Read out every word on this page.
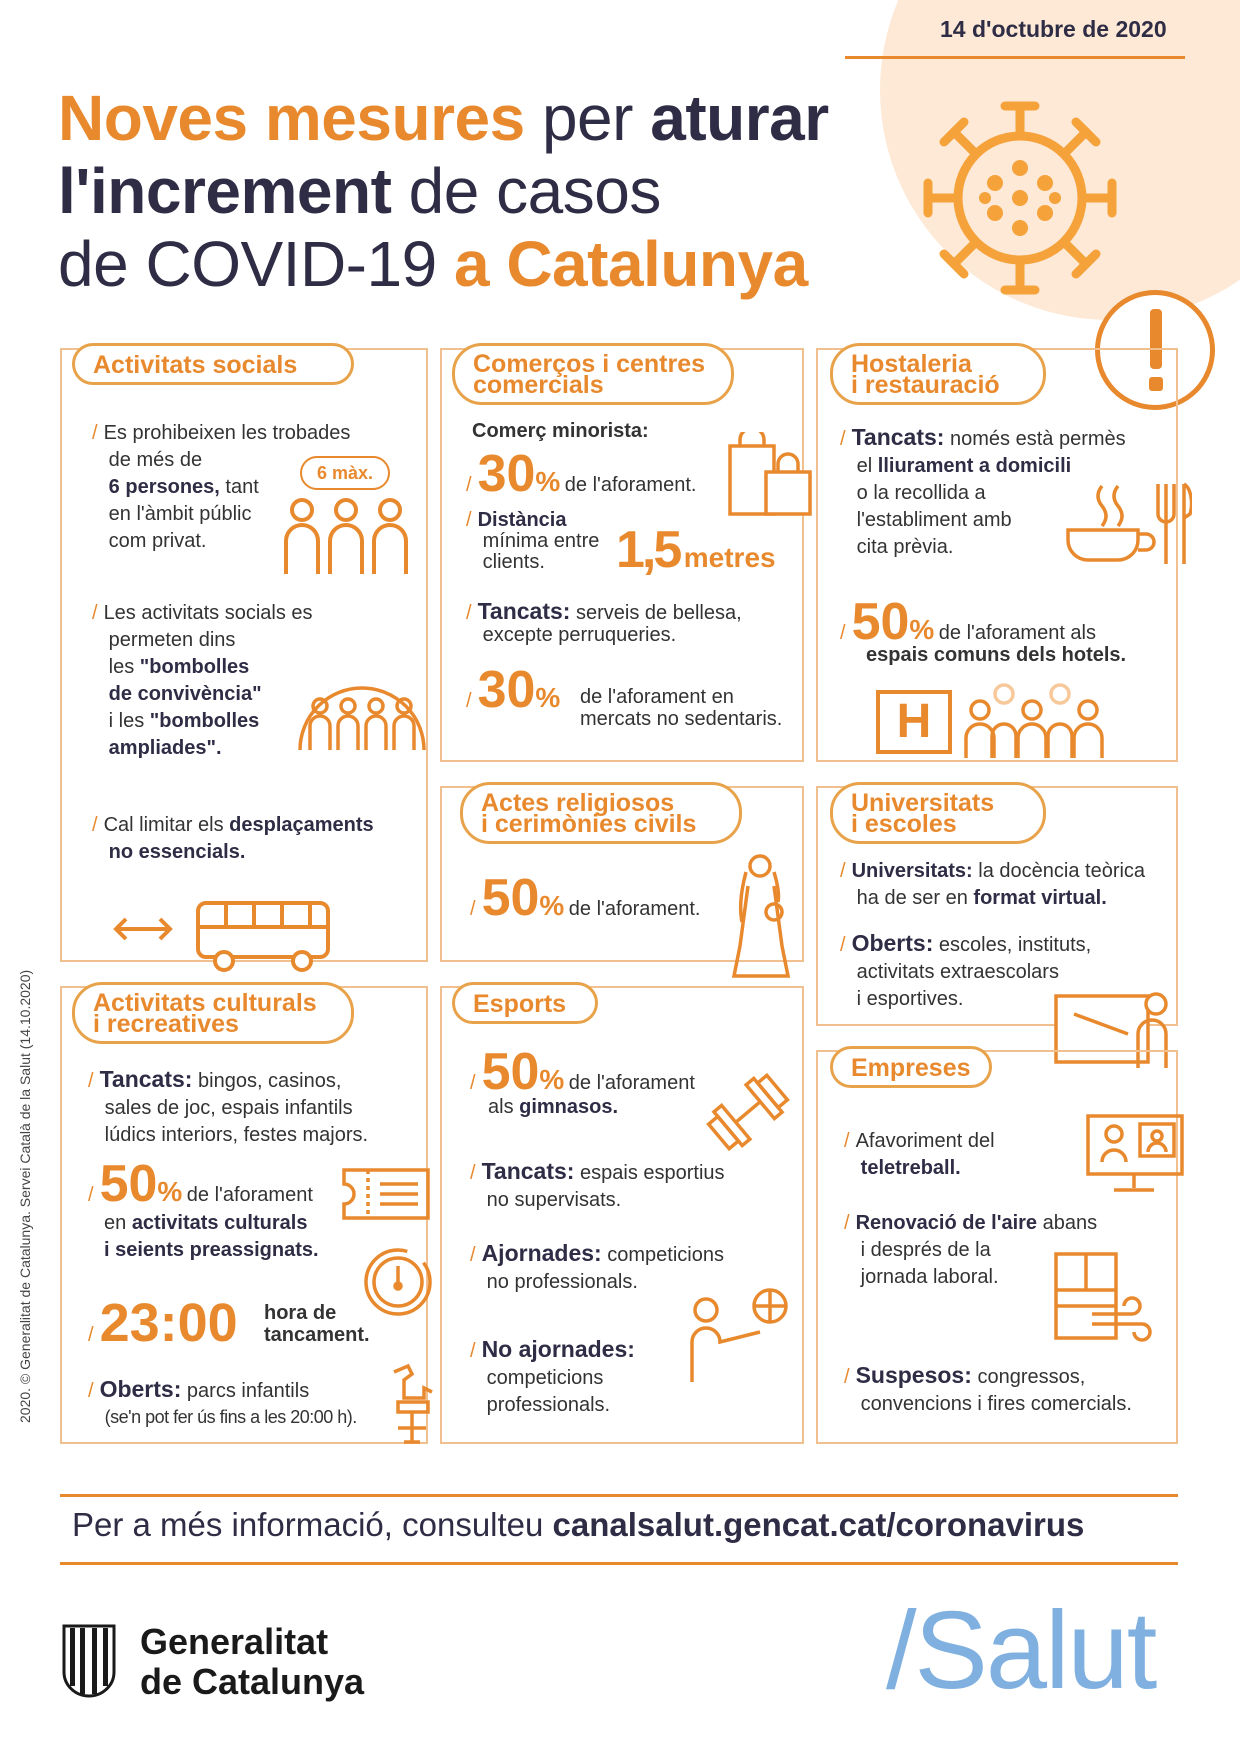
14 d'octubre de 2020
Noves mesures per aturar
l'increment de casos
de COVID-19 a Catalunya
2020. © Generalitat de Catalunya. Servei Català de la Salut (14.10.2020)
Activitats socials
/ Es prohibeixen les trobades
de més de
6 persones, tant
en l'àmbit públic
com privat.
6 màx.
/ Les activitats socials es
permeten dins
les "bombolles
de convivència"
i les "bombolles
ampliades".
/ Cal limitar els desplaçaments
no essencials.
Comerços i centres
comercials
Comerç minorista:
/ 30% de l'aforament.
/ Distància
mínima entre
clients.	1,5 metres
/ Tancats: serveis de bellesa,
excepte perruqueries.
/ 30% de l'aforament en
mercats no sedentaris.
Hostaleria
i restauració
/ Tancats: només està permès
el lliurament a domicili
o la recollida a
l'establiment amb
cita prèvia.
/ 50% de l'aforament als
espais comuns dels hotels.
H
Actes religiosos
i cerimònies civils
/ 50% de l'aforament.
Universitats
i escoles
/ Universitats: la docència teòrica
ha de ser en format virtual.
/ Oberts: escoles, instituts,
activitats extraescolars
i esportives.
Activitats culturals
i recreatives
/ Tancats: bingos, casinos,
sales de joc, espais infantils
lúdics interiors, festes majors.
/ 50% de l'aforament
en activitats culturals
i seients preassignats.
/ 23:00 hora de
tancament.
/ Oberts: parcs infantils
(se'n pot fer ús fins a les 20:00 h).
Esports
/ 50% de l'aforament
als gimnasos.
/ Tancats: espais esportius
no supervisats.
/ Ajornades: competicions
no professionals.
/ No ajornades:
competicions
professionals.
Empreses
/ Afavoriment del
teletreball.
/ Renovació de l'aire abans
i després de la
jornada laboral.
/ Suspesos: congressos,
convencions i fires comercials.
Per a més informació, consulteu canalsalut.gencat.cat/coronavirus
Generalitat
de Catalunya	/Salut
